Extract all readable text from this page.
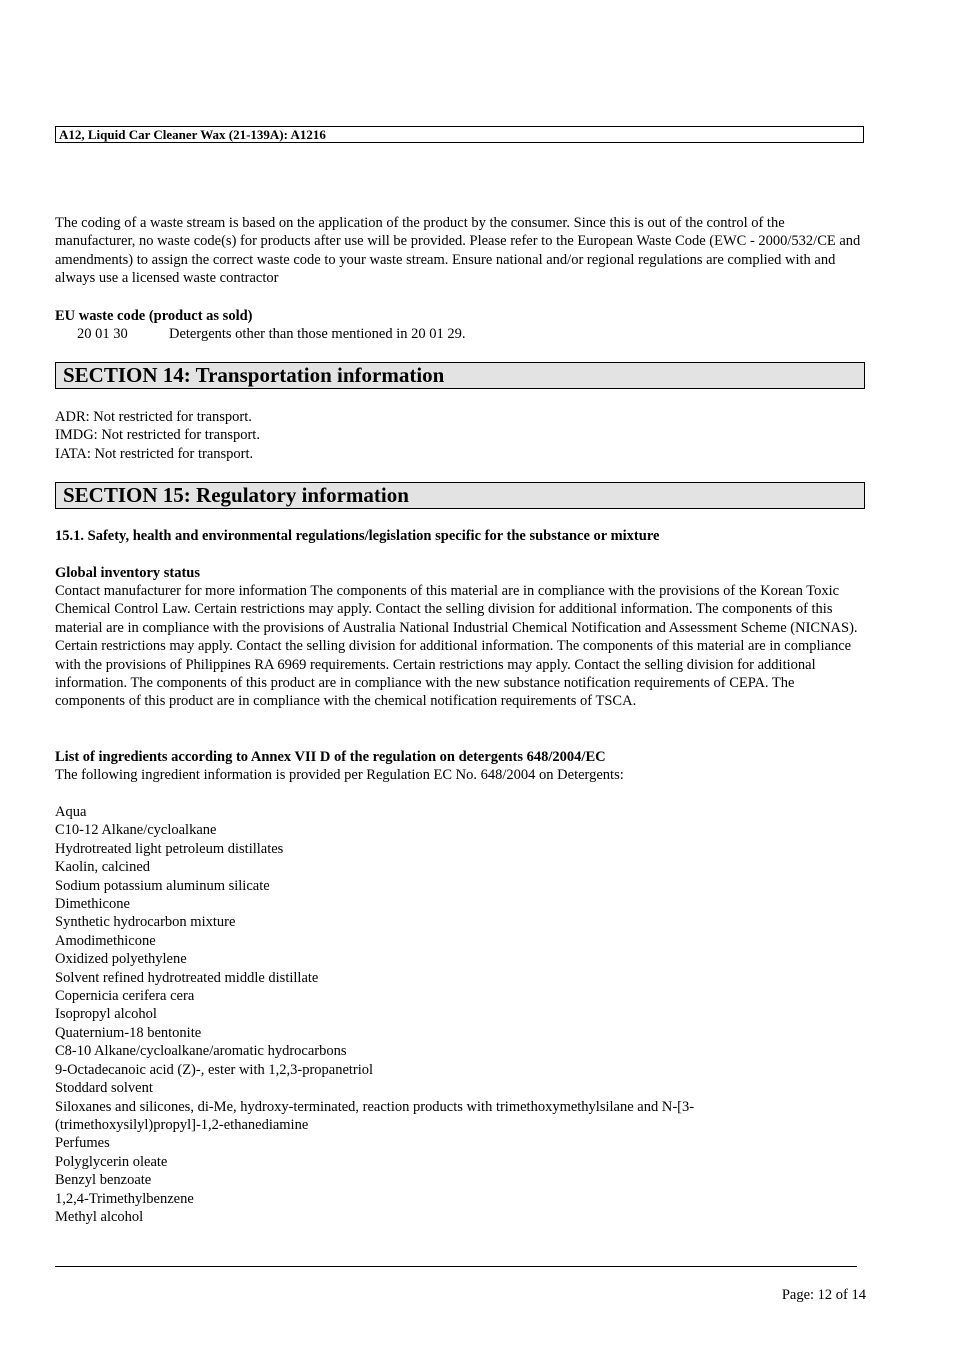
A12, Liquid Car Cleaner Wax (21-139A): A1216
The coding of a waste stream is based on the application of the product by the consumer. Since this is out of the control of the manufacturer, no waste code(s) for products after use will be provided. Please refer to the European Waste Code (EWC - 2000/532/CE and amendments) to assign the correct waste code to your waste stream. Ensure national and/or regional regulations are complied with and always use a licensed waste contractor
EU waste code (product as sold)
20 01 30	Detergents other than those mentioned in 20 01 29.
SECTION 14: Transportation information
ADR: Not restricted for transport.
IMDG: Not restricted for transport.
IATA: Not restricted for transport.
SECTION 15: Regulatory information
15.1. Safety, health and environmental regulations/legislation specific for the substance or mixture
Global inventory status
Contact manufacturer for more information The components of this material are in compliance with the provisions of the Korean Toxic Chemical Control Law. Certain restrictions may apply. Contact the selling division for additional information. The components of this material are in compliance with the provisions of Australia National Industrial Chemical Notification and Assessment Scheme (NICNAS). Certain restrictions may apply. Contact the selling division for additional information. The components of this material are in compliance with the provisions of Philippines RA 6969 requirements. Certain restrictions may apply. Contact the selling division for additional information. The components of this product are in compliance with the new substance notification requirements of CEPA. The components of this product are in compliance with the chemical notification requirements of TSCA.
List of ingredients according to Annex VII D of the regulation on detergents 648/2004/EC
The following ingredient information is provided per Regulation EC No. 648/2004 on Detergents:
Aqua
C10-12 Alkane/cycloalkane
Hydrotreated light petroleum distillates
Kaolin, calcined
Sodium potassium aluminum silicate
Dimethicone
Synthetic hydrocarbon mixture
Amodimethicone
Oxidized polyethylene
Solvent refined hydrotreated middle distillate
Copernicia cerifera cera
Isopropyl alcohol
Quaternium-18 bentonite
C8-10 Alkane/cycloalkane/aromatic hydrocarbons
9-Octadecanoic acid (Z)-, ester with 1,2,3-propanetriol
Stoddard solvent
Siloxanes and silicones, di-Me, hydroxy-terminated, reaction products with trimethoxymethylsilane and N-[3-(trimethoxysilyl)propyl]-1,2-ethanediamine
Perfumes
Polyglycerin oleate
Benzyl benzoate
1,2,4-Trimethylbenzene
Methyl alcohol
Page: 12 of 14
